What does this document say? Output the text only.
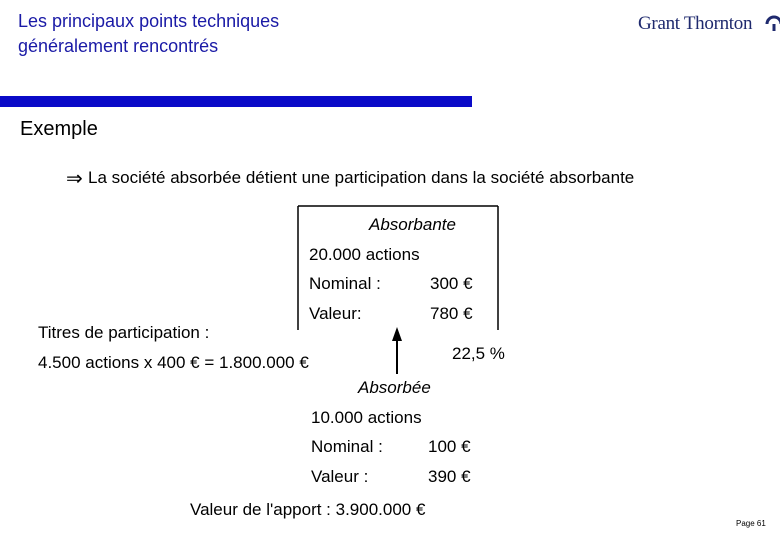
Les principaux points techniques
généralement rencontrés
Grant Thornton
Exemple
⇒ La société absorbée détient une participation dans la société absorbante
Absorbante
20.000 actions
Nominal :	300 €
Valeur:	780 €
Titres de participation :
4.500 actions x 400 € = 1.800.000 €	22,5 %
Absorbée
10.000 actions
Nominal :	100 €
Valeur :	390 €
Valeur de l'apport : 3.900.000 €
Page 61
